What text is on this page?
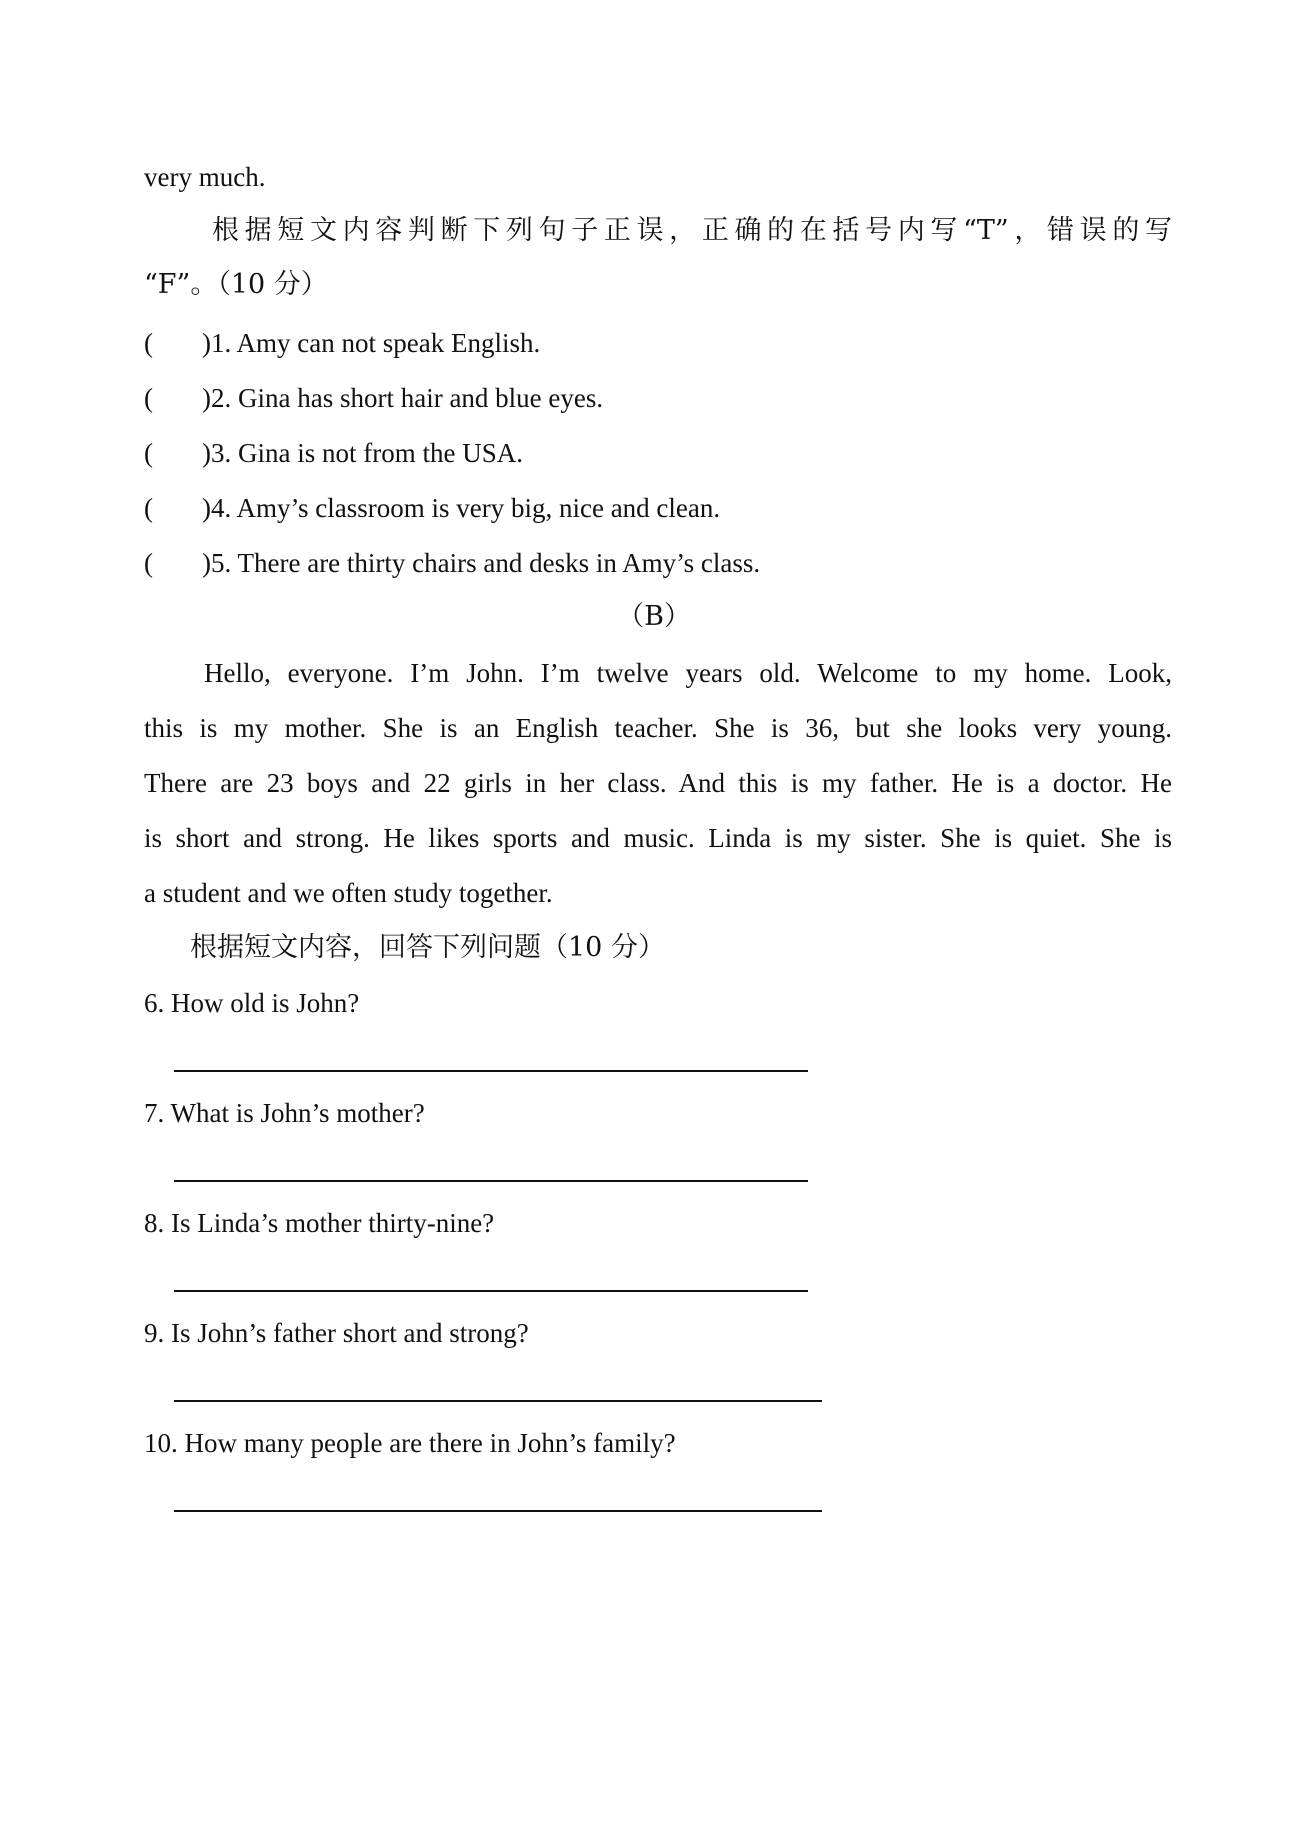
very much.
根据短文内容判断下列句子正误，正确的在括号内写“T”，错误的写
“F”。（10 分）
( )1. Amy can not speak English.
( )2. Gina has short hair and blue eyes.
( )3. Gina is not from the USA.
( )4. Amy’s classroom is very big, nice and clean.
( )5. There are thirty chairs and desks in Amy’s class.
（B）
Hello, everyone. I’m John. I’m twelve years old. Welcome to my home. Look,
this is my mother. She is an English teacher. She is 36, but she looks very young.
There are 23 boys and 22 girls in her class. And this is my father. He is a doctor. He
is short and strong. He likes sports and music. Linda is my sister. She is quiet. She is
a student and we often study together.
根据短文内容，回答下列问题（10 分）
6. How old is John?
7. What is John’s mother?
8. Is Linda’s mother thirty-nine?
9. Is John’s father short and strong?
10. How many people are there in John’s family?
